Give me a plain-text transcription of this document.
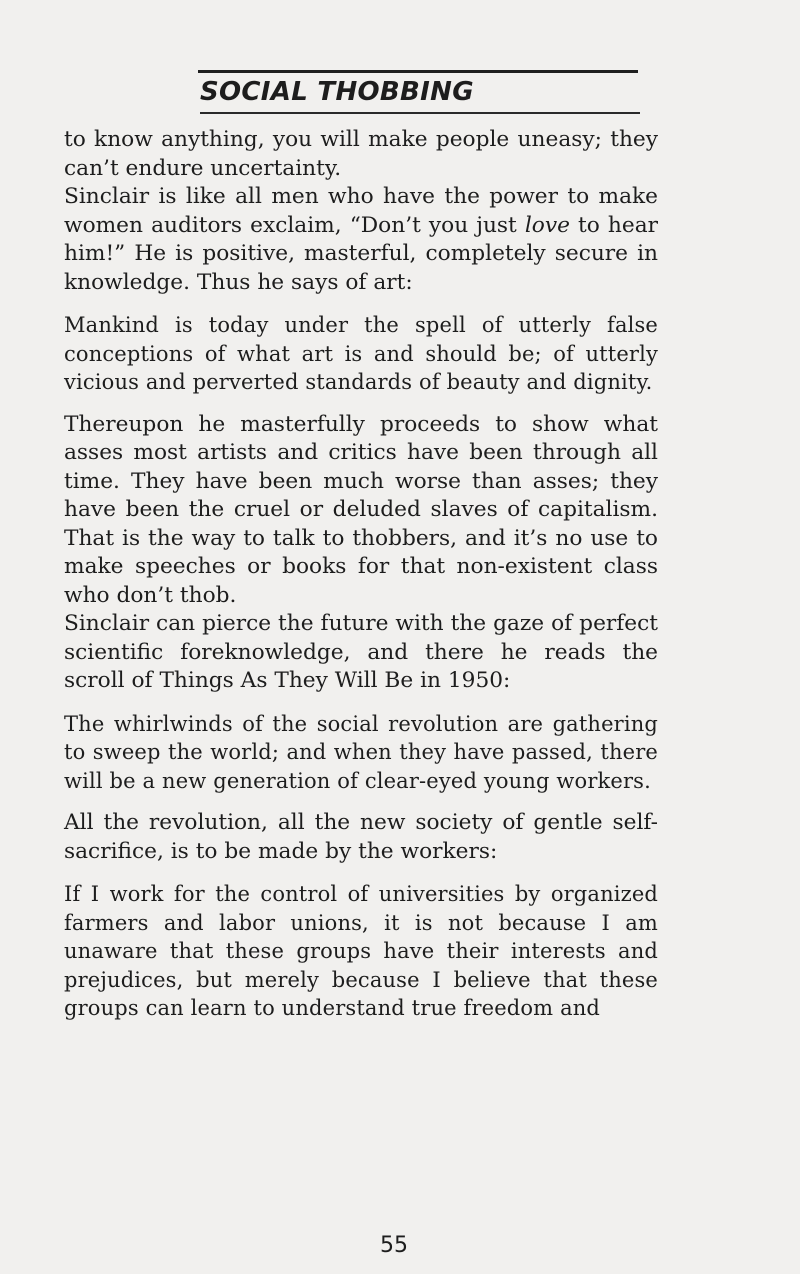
SOCIAL THOBBING

to know anything, you will make people uneasy; they can’t endure uncertainty.

Sinclair is like all men who have the power to make women auditors exclaim, “Don’t you just love to hear him!” He is positive, masterful, completely secure in knowledge. Thus he says of art:

Mankind is today under the spell of utterly false conceptions of what art is and should be; of utterly vicious and perverted standards of beauty and dignity.

Thereupon he masterfully proceeds to show what asses most artists and critics have been through all time. They have been much worse than asses; they have been the cruel or deluded slaves of capitalism. That is the way to talk to thobbers, and it’s no use to make speeches or books for that non-existent class who don’t thob.

Sinclair can pierce the future with the gaze of perfect scientific foreknowledge, and there he reads the scroll of Things As They Will Be in 1950:

The whirlwinds of the social revolution are gathering to sweep the world; and when they have passed, there will be a new generation of clear-eyed young workers.

All the revolution, all the new society of gentle self-sacrifice, is to be made by the workers:

If I work for the control of universities by organized farmers and labor unions, it is not because I am unaware that these groups have their interests and prejudices, but merely because I believe that these groups can learn to understand true freedom and

55
